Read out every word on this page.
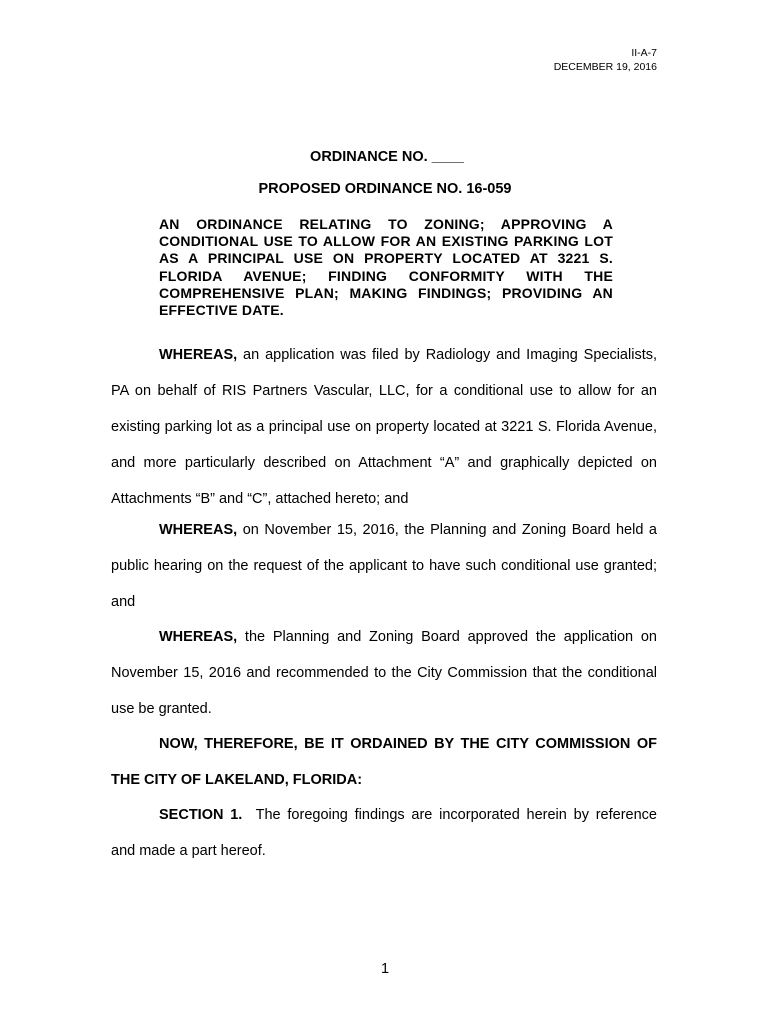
II-A-7
DECEMBER 19, 2016
ORDINANCE NO. ____
PROPOSED ORDINANCE NO. 16-059
AN ORDINANCE RELATING TO ZONING; APPROVING A CONDITIONAL USE TO ALLOW FOR AN EXISTING PARKING LOT AS A PRINCIPAL USE ON PROPERTY LOCATED AT 3221 S. FLORIDA AVENUE; FINDING CONFORMITY WITH THE COMPREHENSIVE PLAN; MAKING FINDINGS; PROVIDING AN EFFECTIVE DATE.

WHEREAS, an application was filed by Radiology and Imaging Specialists, PA on behalf of RIS Partners Vascular, LLC, for a conditional use to allow for an existing parking lot as a principal use on property located at 3221 S. Florida Avenue, and more particularly described on Attachment “A” and graphically depicted on Attachments “B” and “C”, attached hereto; and

WHEREAS, on November 15, 2016, the Planning and Zoning Board held a public hearing on the request of the applicant to have such conditional use granted; and

WHEREAS, the Planning and Zoning Board approved the application on November 15, 2016 and recommended to the City Commission that the conditional use be granted.

NOW, THEREFORE, BE IT ORDAINED BY THE CITY COMMISSION OF THE CITY OF LAKELAND, FLORIDA:

SECTION 1.  The foregoing findings are incorporated herein by reference and made a part hereof.

1
